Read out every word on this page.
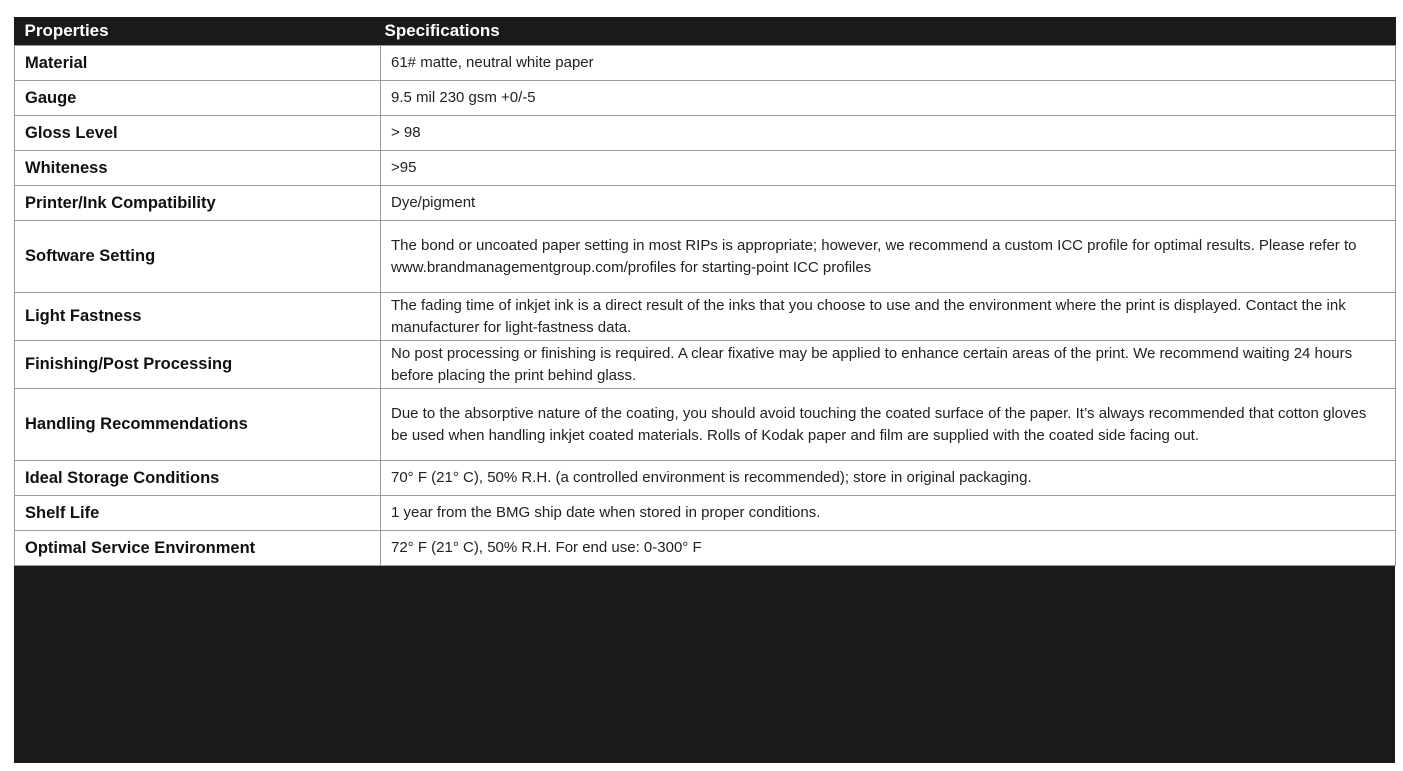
Properties	Specifications
Material	61# matte, neutral white paper
Gauge	9.5 mil 230 gsm +0/-5
Gloss Level	> 98
Whiteness	>95
Printer/Ink Compatibility	Dye/pigment
Software Setting	The bond or uncoated paper setting in most RIPs is appropriate; however, we recommend a custom ICC profile for optimal results. Please refer to www.brandmanagementgroup.com/profiles for starting-point ICC profiles
Light Fastness	The fading time of inkjet ink is a direct result of the inks that you choose to use and the environment where the print is displayed. Contact the ink manufacturer for light-fastness data.
Finishing/Post Processing	No post processing or finishing is required. A clear fixative may be applied to enhance certain areas of the print. We recommend waiting 24 hours before placing the print behind glass.
Handling Recommendations	Due to the absorptive nature of the coating, you should avoid touching the coated surface of the paper. It’s always recommended that cotton gloves be used when handling inkjet coated materials. Rolls of Kodak paper and film are supplied with the coated side facing out.
Ideal Storage Conditions	70° F (21° C), 50% R.H. (a controlled environment is recommended); store in original packaging.
Shelf Life	1 year from the BMG ship date when stored in proper conditions.
Optimal Service Environment	72° F (21° C), 50% R.H. For end use: 0-300° F
